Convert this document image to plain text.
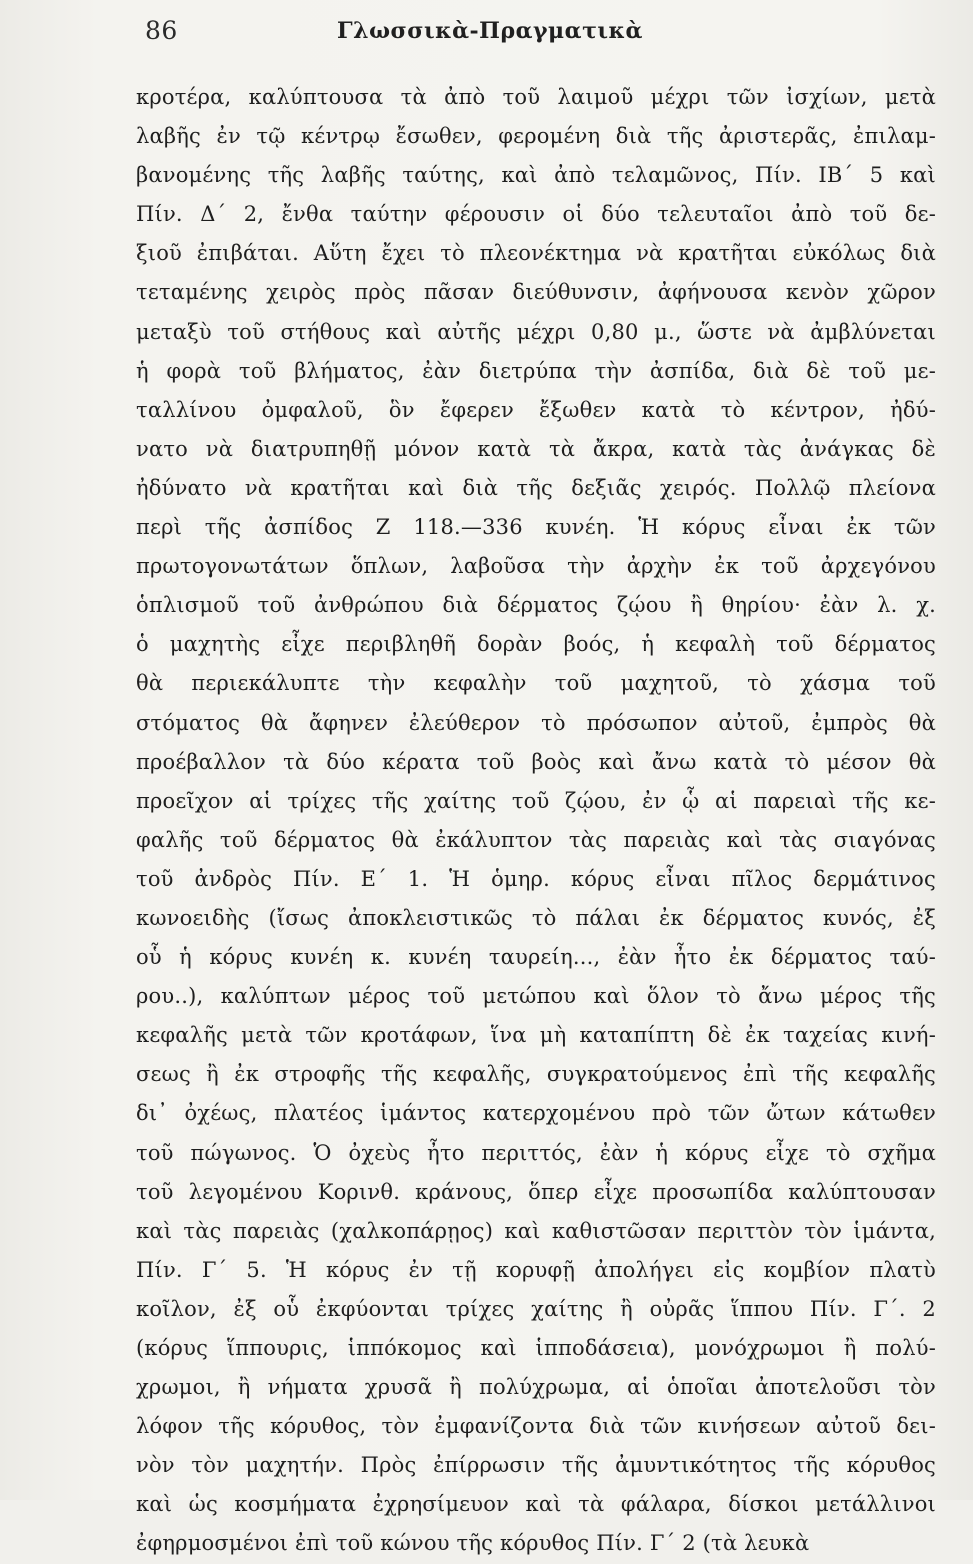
86	Γλωσσικὰ-Πραγματικὰ
κροτέρα, καλύπτουσα τὰ ἀπὸ τοῦ λαιμοῦ μέχρι τῶν ἰσχίων, μετὰ
λαβῆς ἐν τῷ κέντρῳ ἔσωθεν, φερομένη διὰ τῆς ἀριστερᾶς, ἐπιλαμ-
βανομένης τῆς λαβῆς ταύτης, καὶ ἀπὸ τελαμῶνος, Πίν. ΙΒ΄ 5 καὶ
Πίν. Δ΄ 2, ἔνθα ταύτην φέρουσιν οἱ δύο τελευταῖοι ἀπὸ τοῦ δε-
ξιοῦ ἐπιβάται. Αὕτη ἔχει τὸ πλεονέκτημα νὰ κρατῆται εὐκόλως διὰ
τεταμένης χειρὸς πρὸς πᾶσαν διεύθυνσιν, ἀφήνουσα κενὸν χῶρον
μεταξὺ τοῦ στήθους καὶ αὐτῆς μέχρι 0,80 μ., ὥστε νὰ ἀμβλύνεται
ἡ φορὰ τοῦ βλήματος, ἐὰν διετρύπα τὴν ἀσπίδα, διὰ δὲ τοῦ με-
ταλλίνου ὀμφαλοῦ, ὃν ἔφερεν ἔξωθεν κατὰ τὸ κέντρον, ἠδύ-
νατο νὰ διατρυπηθῇ μόνον κατὰ τὰ ἄκρα, κατὰ τὰς ἀνάγκας δὲ
ἠδύνατο νὰ κρατῆται καὶ διὰ τῆς δεξιᾶς χειρός. Πολλῷ πλείονα
περὶ τῆς ἀσπίδος Ζ 118.—336 κυνέη. Ἡ κόρυς εἶναι ἐκ τῶν
πρωτογονωτάτων ὅπλων, λαβοῦσα τὴν ἀρχὴν ἐκ τοῦ ἀρχεγόνου
ὁπλισμοῦ τοῦ ἀνθρώπου διὰ δέρματος ζῴου ἢ θηρίου· ἐὰν λ. χ.
ὁ μαχητὴς εἶχε περιβληθῆ δορὰν βοός, ἡ κεφαλὴ τοῦ δέρματος
θὰ περιεκάλυπτε τὴν κεφαλὴν τοῦ μαχητοῦ, τὸ χάσμα τοῦ
στόματος θὰ ἄφηνεν ἐλεύθερον τὸ πρόσωπον αὐτοῦ, ἐμπρὸς θὰ
προέβαλλον τὰ δύο κέρατα τοῦ βοὸς καὶ ἄνω κατὰ τὸ μέσον θὰ
προεῖχον αἱ τρίχες τῆς χαίτης τοῦ ζῴου, ἐν ᾧ αἱ παρειαὶ τῆς κε-
φαλῆς τοῦ δέρματος θὰ ἐκάλυπτον τὰς παρειὰς καὶ τὰς σιαγόνας
τοῦ ἀνδρὸς Πίν. Ε΄ 1. Ἡ ὁμηρ. κόρυς εἶναι πῖλος δερμάτινος
κωνοειδὴς (ἴσως ἀποκλειστικῶς τὸ πάλαι ἐκ δέρματος κυνός, ἐξ
οὗ ἡ κόρυς κυνέη κ. κυνέη ταυρείη..., ἐὰν ἦτο ἐκ δέρματος ταύ-
ρου..), καλύπτων μέρος τοῦ μετώπου καὶ ὅλον τὸ ἄνω μέρος τῆς
κεφαλῆς μετὰ τῶν κροτάφων, ἵνα μὴ καταπίπτη δὲ ἐκ ταχείας κινή-
σεως ἢ ἐκ στροφῆς τῆς κεφαλῆς, συγκρατούμενος ἐπὶ τῆς κεφαλῆς
δι᾽ ὀχέως, πλατέος ἱμάντος κατερχομένου πρὸ τῶν ὤτων κάτωθεν
τοῦ πώγωνος. Ὁ ὀχεὺς ἦτο περιττός, ἐὰν ἡ κόρυς εἶχε τὸ σχῆμα
τοῦ λεγομένου Κορινθ. κράνους, ὅπερ εἶχε προσωπίδα καλύπτουσαν
καὶ τὰς παρειὰς (χαλκοπάρῃος) καὶ καθιστῶσαν περιττὸν τὸν ἱμάντα,
Πίν. Γ΄ 5. Ἡ κόρυς ἐν τῇ κορυφῇ ἀπολήγει εἰς κομβίον πλατὺ
κοῖλον, ἐξ οὗ ἐκφύονται τρίχες χαίτης ἢ οὐρᾶς ἵππου Πίν. Γ΄. 2
(κόρυς ἵππουρις, ἱππόκομος καὶ ἱπποδάσεια), μονόχρωμοι ἢ πολύ-
χρωμοι, ἢ νήματα χρυσᾶ ἢ πολύχρωμα, αἱ ὁποῖαι ἀποτελοῦσι τὸν
λόφον τῆς κόρυθος, τὸν ἐμφανίζοντα διὰ τῶν κινήσεων αὐτοῦ δει-
νὸν τὸν μαχητήν. Πρὸς ἐπίρρωσιν τῆς ἀμυντικότητος τῆς κόρυθος
καὶ ὡς κοσμήματα ἐχρησίμευον καὶ τὰ φάλαρα, δίσκοι μετάλλινοι
ἐφηρμοσμένοι ἐπὶ τοῦ κώνου τῆς κόρυθος Πίν. Γ΄ 2 (τὰ λευκὰ
